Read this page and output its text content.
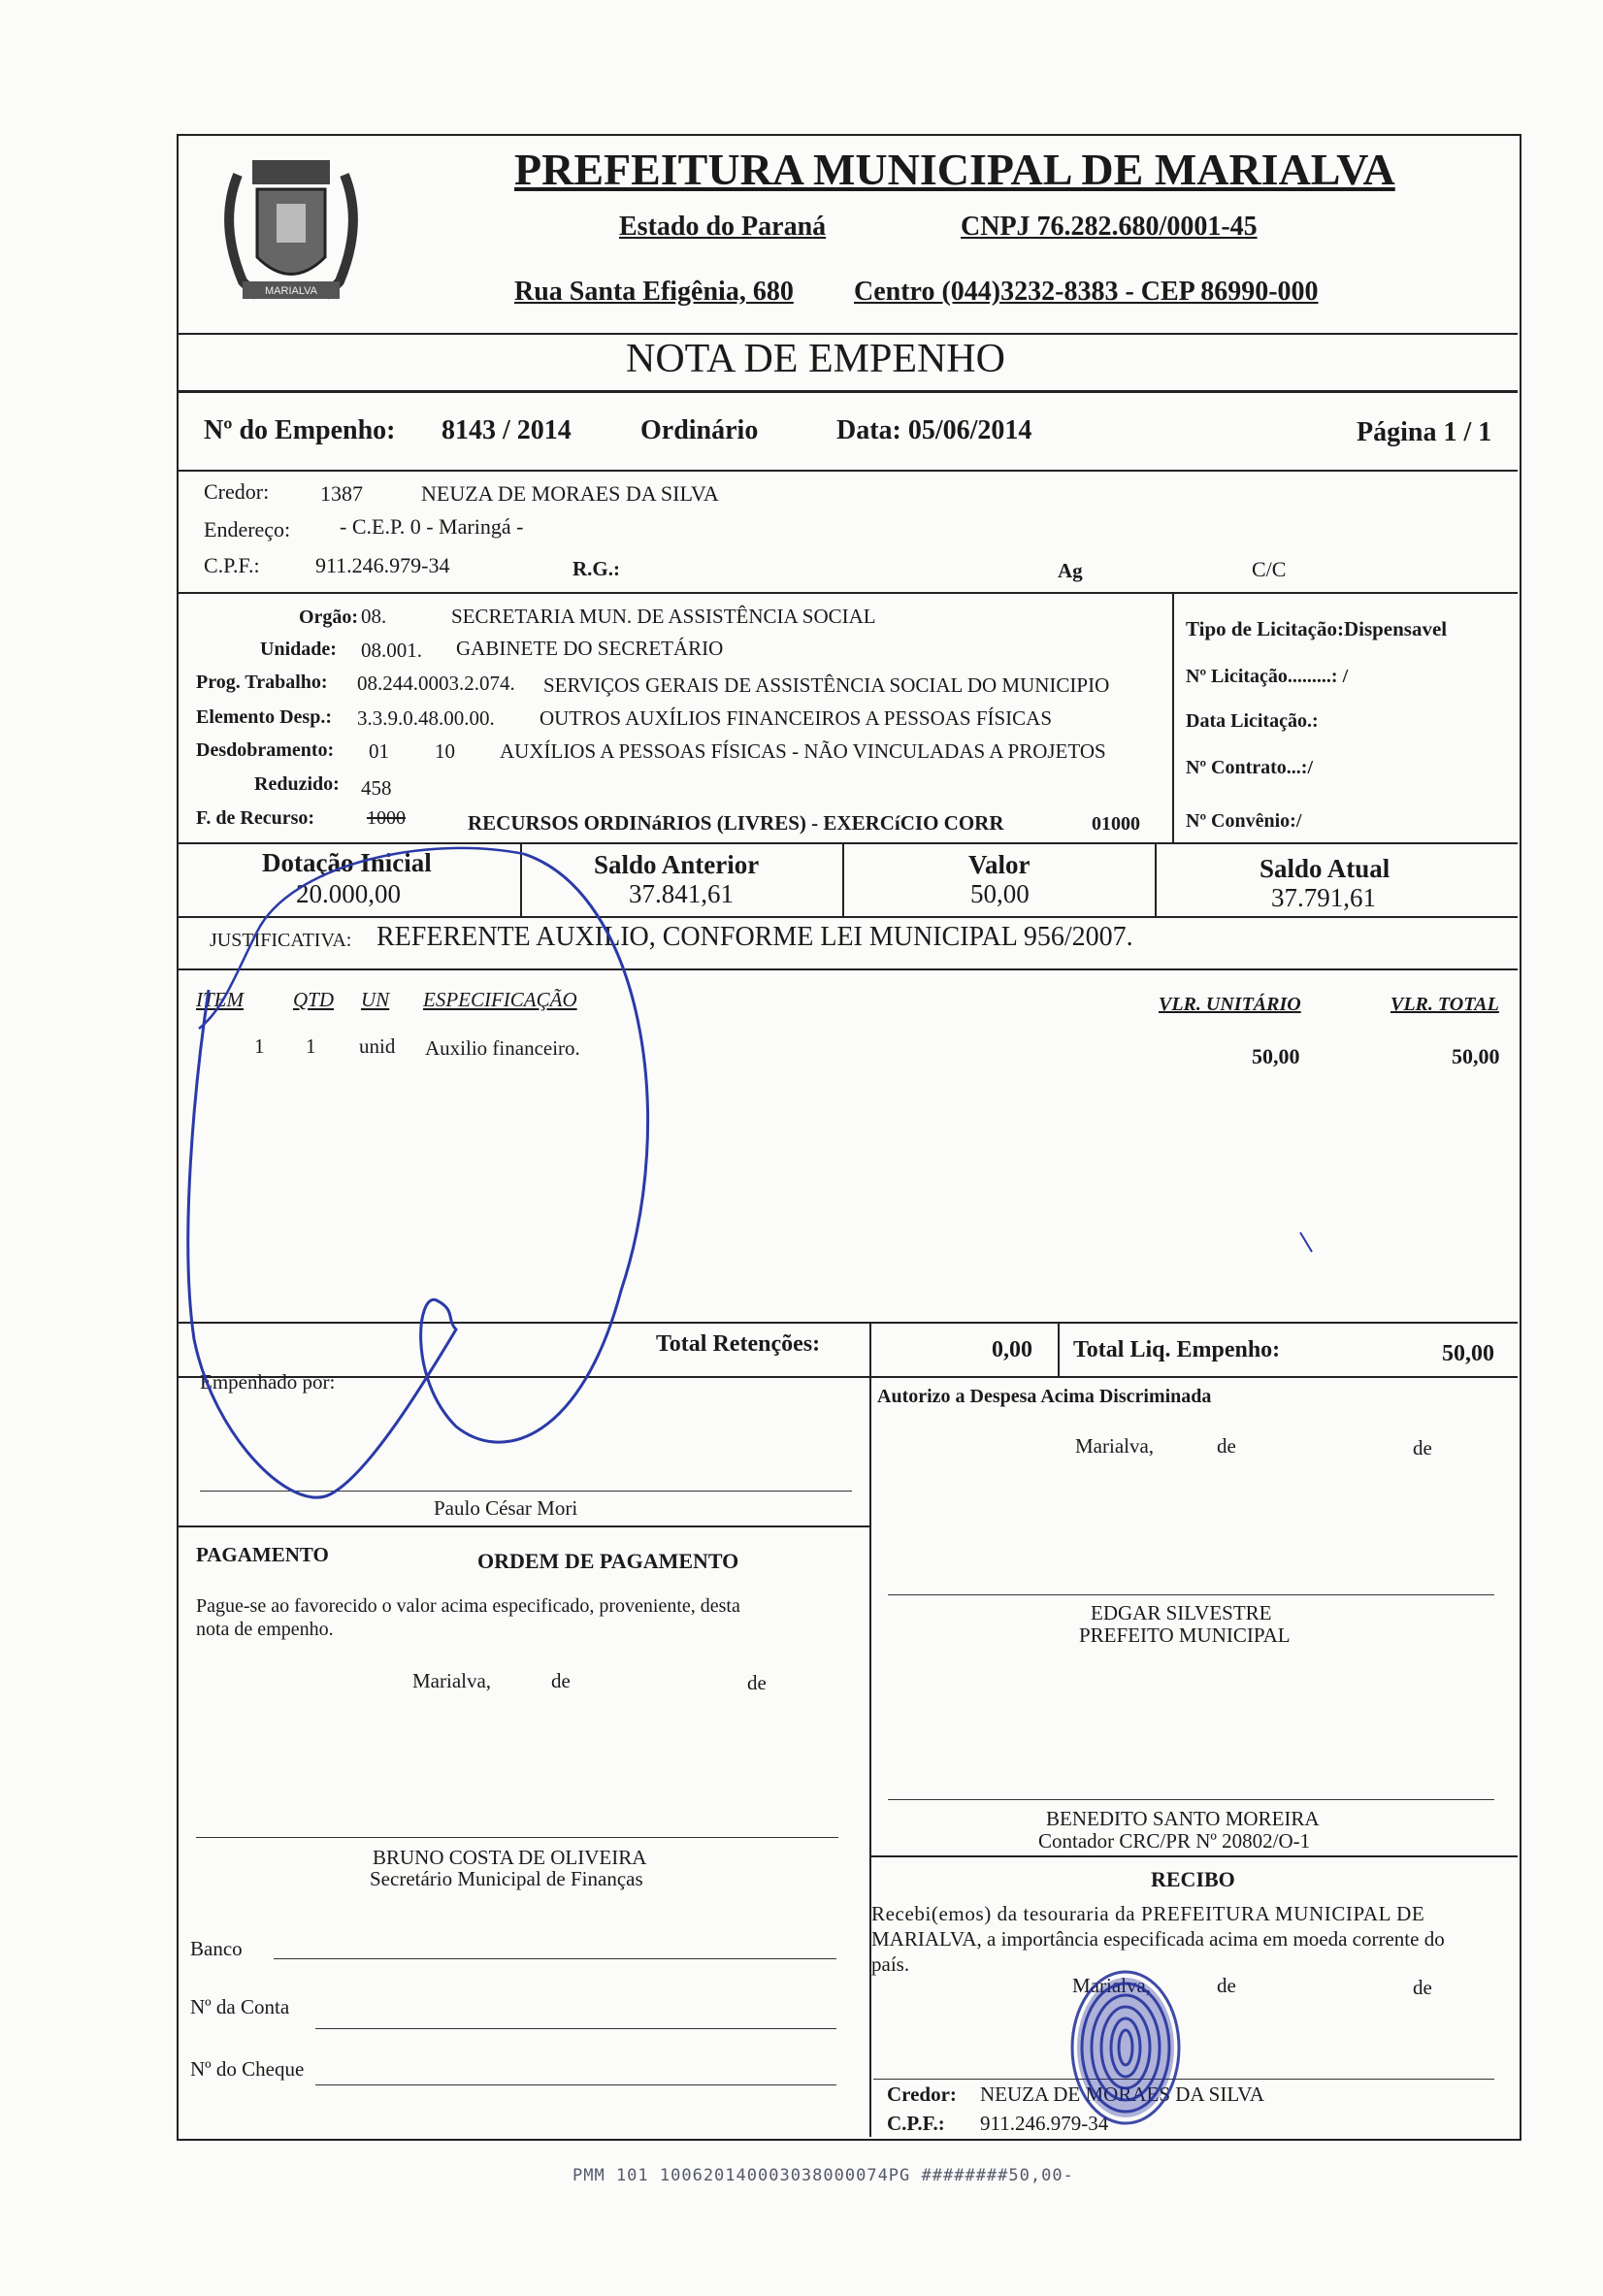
MARIALVA
PREFEITURA MUNICIPAL DE MARIALVA
Estado do Paraná	CNPJ 76.282.680/0001-45
Rua Santa Efigênia, 680 Centro (044)3232-8383 - CEP 86990-000
NOTA DE EMPENHO
Nº do Empenho: 8143 / 2014	Ordinário	Data: 05/06/2014	Página 1 / 1
Credor: 1387	NEUZA DE MORAES DA SILVA
Endereço: - C.E.P. 0 - Maringá -
C.P.F.:	911.246.979-34	R.G.:	Ag	C/C
Orgão: 08.	SECRETARIA MUN. DE ASSISTÊNCIA SOCIAL
Unidade: 08.001. GABINETE DO SECRETÁRIO
Prog. Trabalho: 08.244.0003.2.074. SERVIÇOS GERAIS DE ASSISTÊNCIA SOCIAL DO MUNICIPIO
Elemento Desp.: 3.3.9.0.48.00.00. OUTROS AUXÍLIOS FINANCEIROS A PESSOAS FÍSICAS
Desdobramento: 01 10 AUXÍLIOS A PESSOAS FÍSICAS - NÃO VINCULADAS A PROJETOS
Reduzido: 458
F. de Recurso:	1000	RECURSOS ORDINáRIOS (LIVRES) - EXERCíCIO CORR	01000
Tipo de Licitação:Dispensavel
Nº Licitação.........: /
Data Licitação.:
Nº Contrato...:/
Nº Convênio:/
Dotação Inicial
20.000,00
Saldo Anterior
37.841,61
Valor
50,00
Saldo Atual
37.791,61
JUSTIFICATIVA: REFERENTE AUXILIO, CONFORME LEI MUNICIPAL 956/2007.
ITEM QTD UN ESPECIFICAÇÃO	VLR. UNITÁRIO	VLR. TOTAL
1 1 unid Auxilio financeiro.	50,00	50,00
Total Retenções:	0,00 Total Liq. Empenho:	50,00
Empenhado por:
Paulo César Mori
Autorizo a Despesa Acima Discriminada
Marialva,	de	de
PAGAMENTO	ORDEM DE PAGAMENTO
Pague-se ao favorecido o valor acima especificado, proveniente, desta
nota de empenho.
Marialva,	de	de
EDGAR SILVESTRE
PREFEITO MUNICIPAL
BENEDITO SANTO MOREIRA
Contador CRC/PR Nº 20802/O-1
BRUNO COSTA DE OLIVEIRA
Secretário Municipal de Finanças
Banco
Nº da Conta
Nº do Cheque
RECIBO
Recebi(emos) da tesouraria da PREFEITURA MUNICIPAL DE
MARIALVA, a importância especificada acima em moeda corrente do
país.
Marialva,	de	de
Credor: NEUZA DE MORAES DA SILVA
C.P.F.: 911.246.979-34
PMM 101 100620140003038000074PG ########50,00-
